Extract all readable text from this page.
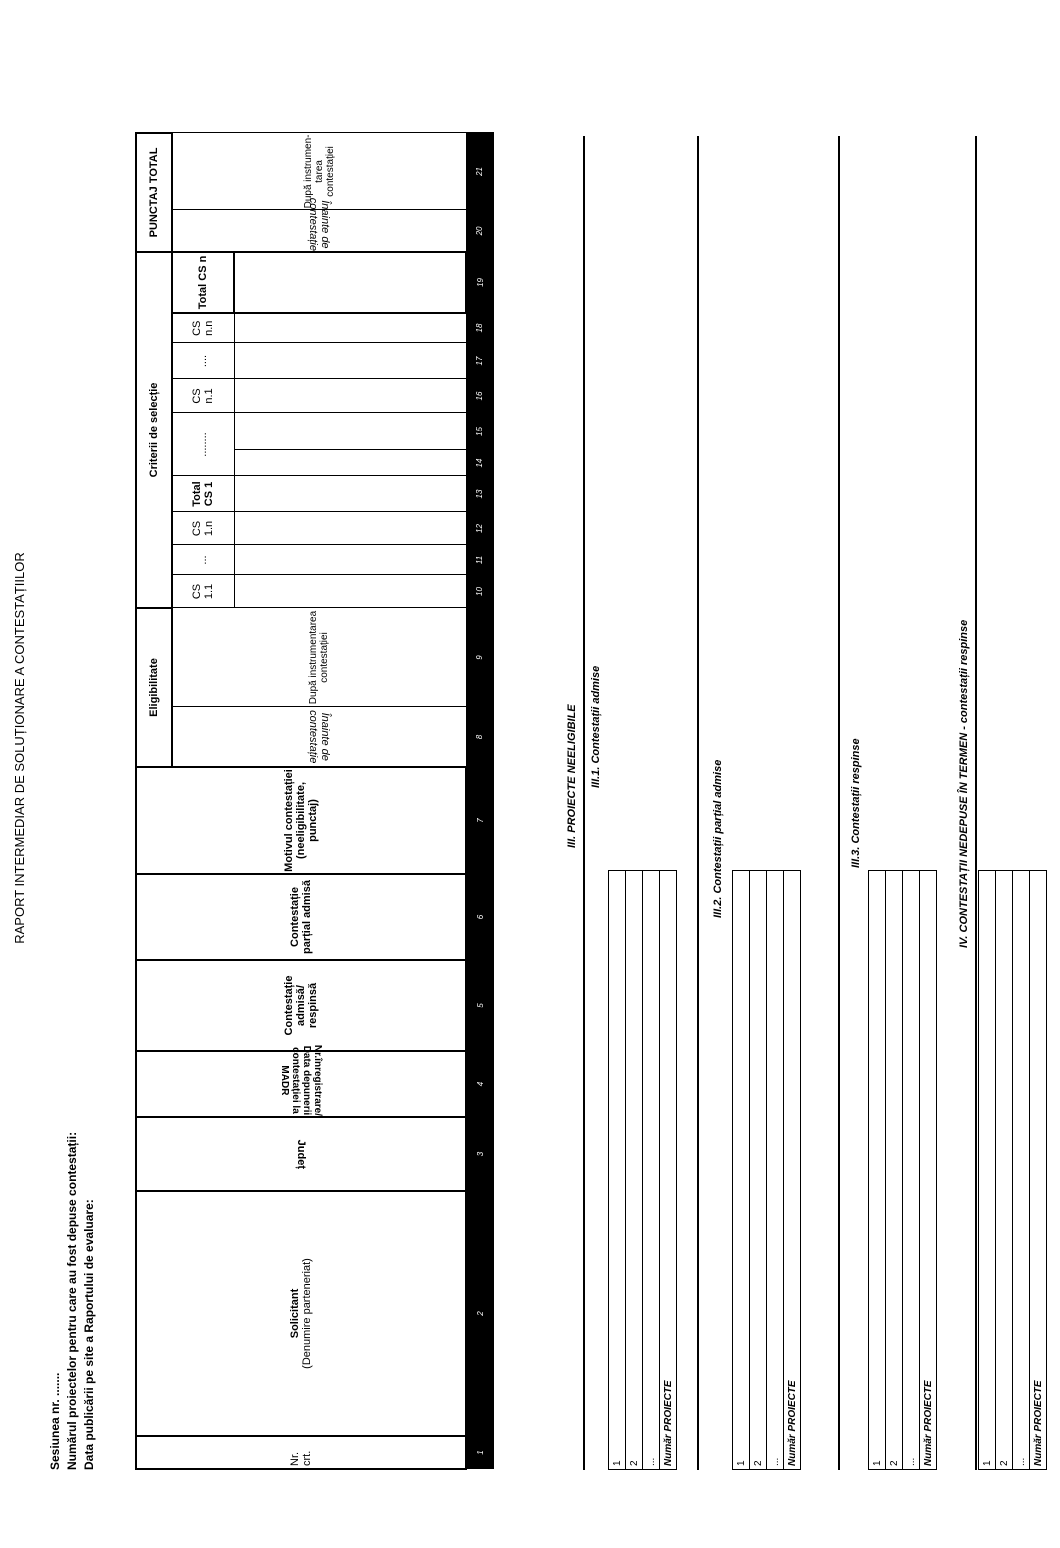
RAPORT INTERMEDIAR DE SOLUȚIONARE A CONTESTAȚIILOR
Sesiunea nr. ....... Numărul proiectelor pentru care au fost depuse contestații: Data publicării pe site a Raportului de evaluare:	Nr. crt.	Solicitant (Denumire parteneriat)	Județ	Nr.înregistrare/ Data depunerii contestației la MADR	Contestație admisă/ respinsă	Contestație parțial admisă	Motivul contestației (neeligibilitate, punctaj)	Eligibilitate		Criterii de selecție										PUNCTAJ TOTAL	
							Înainte de contestație	După instrumentarea contestației	CS 1.1	...	CS 1.n	Total CS 1	........		CS n.1	....	CS n.n	Total CS n	Înainte de contestație	După instrumen-tarea contestației

1	2	3	4	5	6	7	8	9	10	11	12	13	14	15	16	17	18	19	20	21
III. PROIECTE NEELIGIBILE III.1. Contestații admise
1
2
...
Număr PROIECTE
III.2. Contestații parțial admise
1
2
...
Număr PROIECTE
III.3. Contestații respinse
1
2
...
Număr PROIECTE
IV. CONTESTAȚII NEDEPUSE ÎN TERMEN - contestații respinse
1
2
...
Număr PROIECTE
